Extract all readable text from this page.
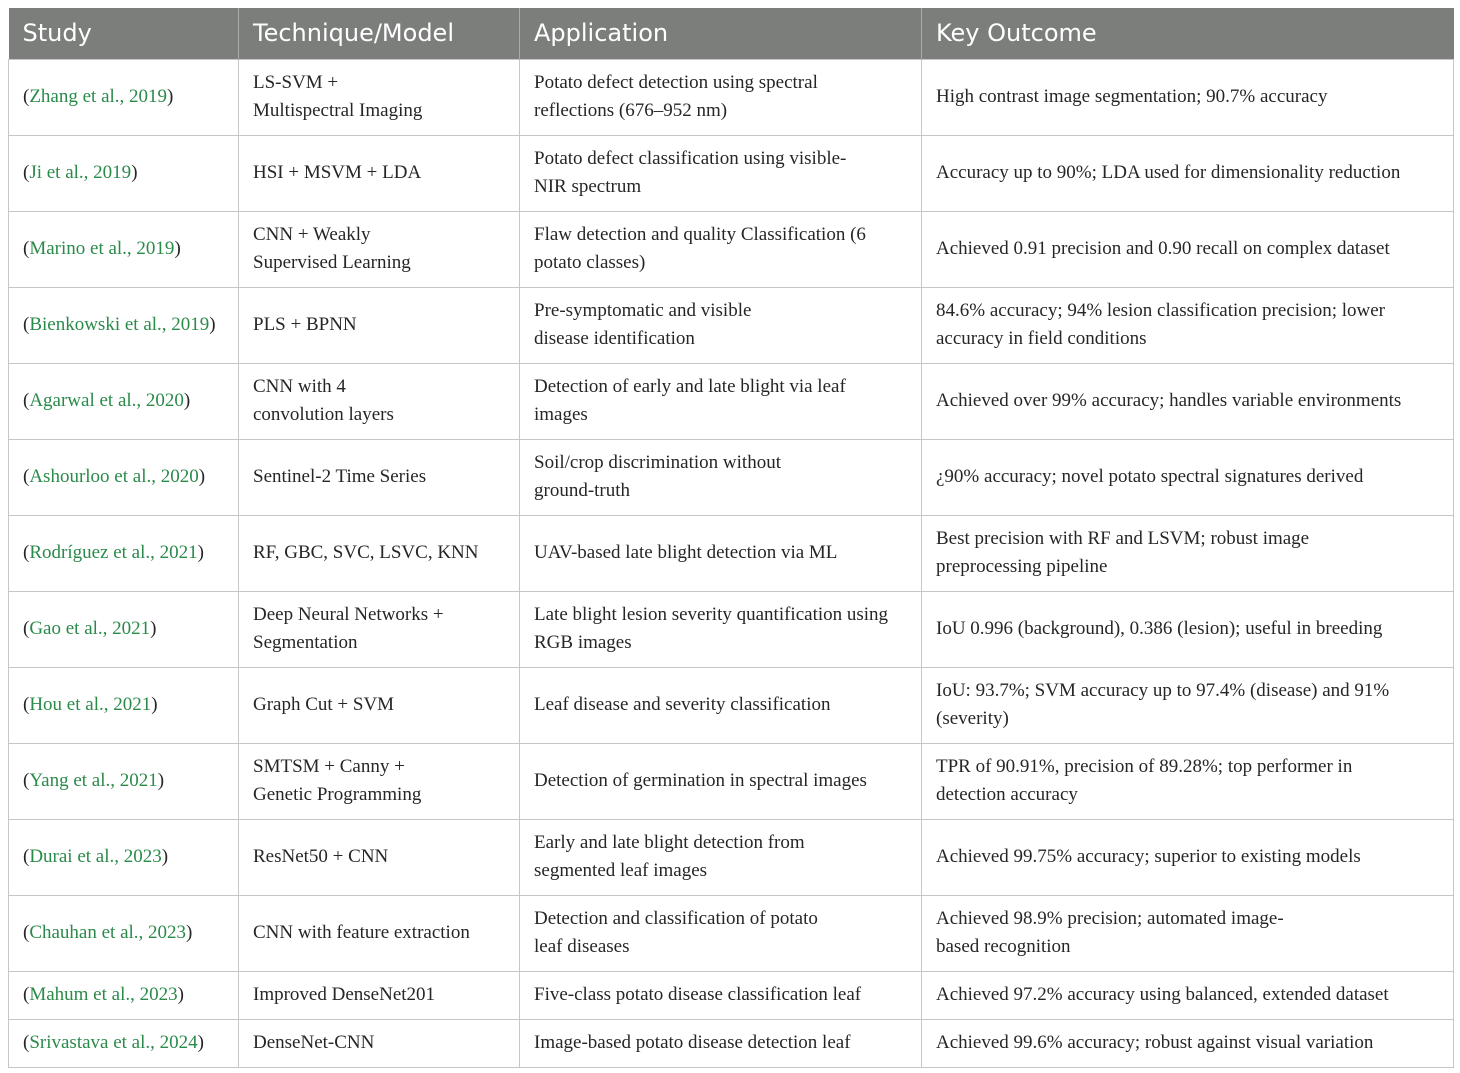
Study	Technique/Model	Application	Key Outcome
(Zhang et al., 2019)	LS-SVM + Multispectral Imaging	Potato defect detection using spectral reflections (676–952 nm)	High contrast image segmentation; 90.7% accuracy
(Ji et al., 2019)	HSI + MSVM + LDA	Potato defect classification using visible-NIR spectrum	Accuracy up to 90%; LDA used for dimensionality reduction
(Marino et al., 2019)	CNN + Weakly Supervised Learning	Flaw detection and quality Classification (6 potato classes)	Achieved 0.91 precision and 0.90 recall on complex dataset
(Bienkowski et al., 2019)	PLS + BPNN	Pre-symptomatic and visible disease identification	84.6% accuracy; 94% lesion classification precision; lower accuracy in field conditions
(Agarwal et al., 2020)	CNN with 4 convolution layers	Detection of early and late blight via leaf images	Achieved over 99% accuracy; handles variable environments
(Ashourloo et al., 2020)	Sentinel-2 Time Series	Soil/crop discrimination without ground-truth	¿90% accuracy; novel potato spectral signatures derived
(Rodríguez et al., 2021)	RF, GBC, SVC, LSVC, KNN	UAV-based late blight detection via ML	Best precision with RF and LSVM; robust image preprocessing pipeline
(Gao et al., 2021)	Deep Neural Networks + Segmentation	Late blight lesion severity quantification using RGB images	IoU 0.996 (background), 0.386 (lesion); useful in breeding
(Hou et al., 2021)	Graph Cut + SVM	Leaf disease and severity classification	IoU: 93.7%; SVM accuracy up to 97.4% (disease) and 91% (severity)
(Yang et al., 2021)	SMTSM + Canny + Genetic Programming	Detection of germination in spectral images	TPR of 90.91%, precision of 89.28%; top performer in detection accuracy
(Durai et al., 2023)	ResNet50 + CNN	Early and late blight detection from segmented leaf images	Achieved 99.75% accuracy; superior to existing models
(Chauhan et al., 2023)	CNN with feature extraction	Detection and classification of potato leaf diseases	Achieved 98.9% precision; automated image-based recognition
(Mahum et al., 2023)	Improved DenseNet201	Five-class potato disease classification leaf	Achieved 97.2% accuracy using balanced, extended dataset
(Srivastava et al., 2024)	DenseNet-CNN	Image-based potato disease detection leaf	Achieved 99.6% accuracy; robust against visual variation
